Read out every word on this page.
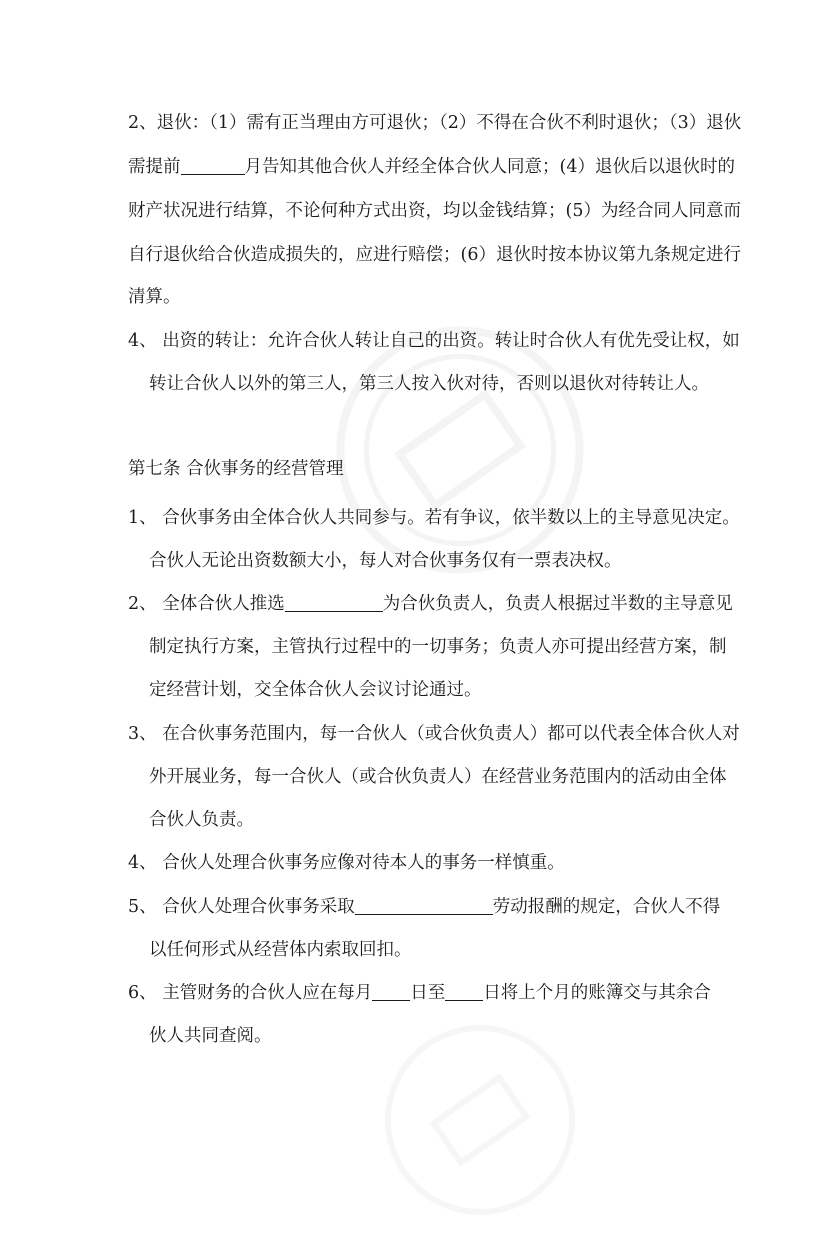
2、退伙：（1）需有正当理由方可退伙；（2）不得在合伙不利时退伙；（3）退伙
需提前	月告知其他合伙人并经全体合伙人同意；(4）退伙后以退伙时的
财产状况进行结算，不论何种方式出资，均以金钱结算；(5）为经合同人同意而
自行退伙给合伙造成损失的，应进行赔偿；(6）退伙时按本协议第九条规定进行
清算。
4、 出资的转让：允许合伙人转让自己的出资。转让时合伙人有优先受让权，如
转让合伙人以外的第三人，第三人按入伙对待，否则以退伙对待转让人。
第七条 合伙事务的经营管理
1、 合伙事务由全体合伙人共同参与。若有争议，依半数以上的主导意见决定。
合伙人无论出资数额大小，每人对合伙事务仅有一票表决权。
2、 全体合伙人推选	为合伙负责人，负责人根据过半数的主导意见
制定执行方案，主管执行过程中的一切事务；负责人亦可提出经营方案，制
定经营计划，交全体合伙人会议讨论通过。
3、 在合伙事务范围内，每一合伙人（或合伙负责人）都可以代表全体合伙人对
外开展业务，每一合伙人（或合伙负责人）在经营业务范围内的活动由全体
合伙人负责。
4、 合伙人处理合伙事务应像对待本人的事务一样慎重。
5、 合伙人处理合伙事务采取	劳动报酬的规定，合伙人不得
以任何形式从经营体内索取回扣。
6、 主管财务的合伙人应在每月 日至 日将上个月的账簿交与其余合
伙人共同查阅。
